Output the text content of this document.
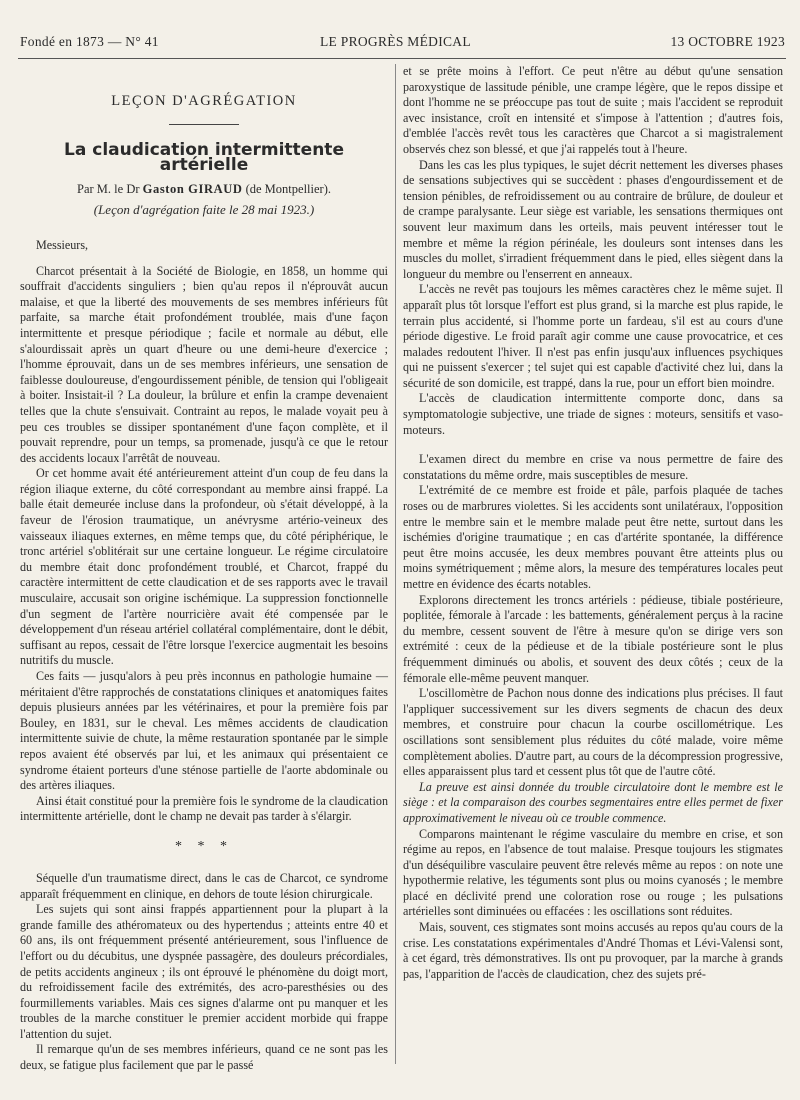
Fondé en 1873 — N° 41	LE PROGRÈS MÉDICAL	13 OCTOBRE 1923

LEÇON D'AGRÉGATION

La claudication intermittente artérielle

Par M. le Dr Gaston GIRAUD (de Montpellier).

(Leçon d'agrégation faite le 28 mai 1923.)

Messieurs,

Charcot présentait à la Société de Biologie, en 1858, un homme qui souffrait d'accidents singuliers ; bien qu'au repos il n'éprouvât aucun malaise, et que la liberté des mouvements de ses membres inférieurs fût parfaite, sa marche était profondément troublée, mais d'une façon intermittente et presque périodique ; facile et normale au début, elle s'alourdissait après un quart d'heure ou une demi-heure d'exercice ; l'homme éprouvait, dans un de ses membres inférieurs, une sensation de faiblesse douloureuse, d'engourdissement pénible, de tension qui l'obligeait à boiter. Insistait-il ? La douleur, la brûlure et enfin la crampe devenaient telles que la chute s'ensuivait. Contraint au repos, le malade voyait peu à peu ces troubles se dissiper spontanément d'une façon complète, et il pouvait reprendre, pour un temps, sa promenade, jusqu'à ce que le retour des accidents locaux l'arrêtât de nouveau.

Or cet homme avait été antérieurement atteint d'un coup de feu dans la région iliaque externe, du côté correspondant au membre ainsi frappé. La balle était demeurée incluse dans la profondeur, où s'était développé, à la faveur de l'érosion traumatique, un anévrysme artério-veineux des vaisseaux iliaques externes, en même temps que, du côté périphérique, le tronc artériel s'oblitérait sur une certaine longueur. Le régime circulatoire du membre était donc profondément troublé, et Charcot, frappé du caractère intermittent de cette claudication et de ses rapports avec le travail musculaire, accusait son origine ischémique. La suppression fonctionnelle d'un segment de l'artère nourricière avait été compensée par le développement d'un réseau artériel collatéral complémentaire, dont le débit, suffisant au repos, cessait de l'être lorsque l'exercice augmentait les besoins nutritifs du muscle.

Ces faits — jusqu'alors à peu près inconnus en pathologie humaine — méritaient d'être rapprochés de constatations cliniques et anatomiques faites depuis plusieurs années par les vétérinaires, et pour la première fois par Bouley, en 1831, sur le cheval. Les mêmes accidents de claudication intermittente suivie de chute, la même restauration spontanée par le simple repos avaient été observés par lui, et les animaux qui présentaient ce syndrome étaient porteurs d'une sténose partielle de l'aorte abdominale ou des artères iliaques.

Ainsi était constitué pour la première fois le syndrome de la claudication intermittente artérielle, dont le champ ne devait pas tarder à s'élargir.

* * *

Séquelle d'un traumatisme direct, dans le cas de Charcot, ce syndrome apparaît fréquemment en clinique, en dehors de toute lésion chirurgicale.

Les sujets qui sont ainsi frappés appartiennent pour la plupart à la grande famille des athéromateux ou des hypertendus ; atteints entre 40 et 60 ans, ils ont fréquemment présenté antérieurement, sous l'influence de l'effort ou du décubitus, une dyspnée passagère, des douleurs précordiales, de petits accidents angineux ; ils ont éprouvé le phénomène du doigt mort, du refroidissement facile des extrémités, des acro-paresthésies ou des fourmillements variables. Mais ces signes d'alarme ont pu manquer et les troubles de la marche constituer le premier accident morbide qui frappe l'attention du sujet.

Il remarque qu'un de ses membres inférieurs, quand ce ne sont pas les deux, se fatigue plus facilement que par le passé

et se prête moins à l'effort. Ce peut n'être au début qu'une sensation paroxystique de lassitude pénible, une crampe légère, que le repos dissipe et dont l'homme ne se préoccupe pas tout de suite ; mais l'accident se reproduit avec insistance, croît en intensité et s'impose à l'attention ; d'autres fois, d'emblée l'accès revêt tous les caractères que Charcot a si magistralement observés chez son blessé, et que j'ai rappelés tout à l'heure.

Dans les cas les plus typiques, le sujet décrit nettement les diverses phases de sensations subjectives qui se succèdent : phases d'engourdissement et de tension pénibles, de refroidissement ou au contraire de brûlure, de douleur et de crampe paralysante. Leur siège est variable, les sensations thermiques ont souvent leur maximum dans les orteils, mais peuvent intéresser tout le membre et même la région périnéale, les douleurs sont intenses dans les muscles du mollet, s'irradient fréquemment dans le pied, elles siègent dans la longueur du membre ou l'enserrent en anneaux.

L'accès ne revêt pas toujours les mêmes caractères chez le même sujet. Il apparaît plus tôt lorsque l'effort est plus grand, si la marche est plus rapide, le terrain plus accidenté, si l'homme porte un fardeau, s'il est au cours d'une période digestive. Le froid paraît agir comme une cause provocatrice, et ces malades redoutent l'hiver. Il n'est pas enfin jusqu'aux influences psychiques qui ne puissent s'exercer ; tel sujet qui est capable d'activité chez lui, dans la sécurité de son domicile, est trappé, dans la rue, pour un effort bien moindre.

L'accès de claudication intermittente comporte donc, dans sa symptomatologie subjective, une triade de signes : moteurs, sensitifs et vaso-moteurs.

L'examen direct du membre en crise va nous permettre de faire des constatations du même ordre, mais susceptibles de mesure.

L'extrémité de ce membre est froide et pâle, parfois plaquée de taches roses ou de marbrures violettes. Si les accidents sont unilatéraux, l'opposition entre le membre sain et le membre malade peut être nette, surtout dans les ischémies d'origine traumatique ; en cas d'artérite spontanée, la différence peut être moins accusée, les deux membres pouvant être atteints plus ou moins symétriquement ; même alors, la mesure des températures locales peut mettre en évidence des écarts notables.

Explorons directement les troncs artériels : pédieuse, tibiale postérieure, poplitée, fémorale à l'arcade : les battements, généralement perçus à la racine du membre, cessent souvent de l'être à mesure qu'on se dirige vers son extrémité : ceux de la pédieuse et de la tibiale postérieure sont le plus fréquemment diminués ou abolis, et souvent des deux côtés ; ceux de la fémorale elle-même peuvent manquer.

L'oscillomètre de Pachon nous donne des indications plus précises. Il faut l'appliquer successivement sur les divers segments de chacun des deux membres, et construire pour chacun la courbe oscillométrique. Les oscillations sont sensiblement plus réduites du côté malade, voire même complètement abolies. D'autre part, au cours de la décompression progressive, elles apparaissent plus tard et cessent plus tôt que de l'autre côté.

La preuve est ainsi donnée du trouble circulatoire dont le membre est le siège : et la comparaison des courbes segmentaires entre elles permet de fixer approximativement le niveau où ce trouble commence.

Comparons maintenant le régime vasculaire du membre en crise, et son régime au repos, en l'absence de tout malaise. Presque toujours les stigmates d'un déséquilibre vasculaire peuvent être relevés même au repos : on note une hypothermie relative, les téguments sont plus ou moins cyanosés ; le membre placé en déclivité prend une coloration rose ou rouge ; les pulsations artérielles sont diminuées ou effacées : les oscillations sont réduites.

Mais, souvent, ces stigmates sont moins accusés au repos qu'au cours de la crise. Les constatations expérimentales d'André Thomas et Lévi-Valensi sont, à cet égard, très démonstratives. Ils ont pu provoquer, par la marche à grands pas, l'apparition de l'accès de claudication, chez des sujets pré-
